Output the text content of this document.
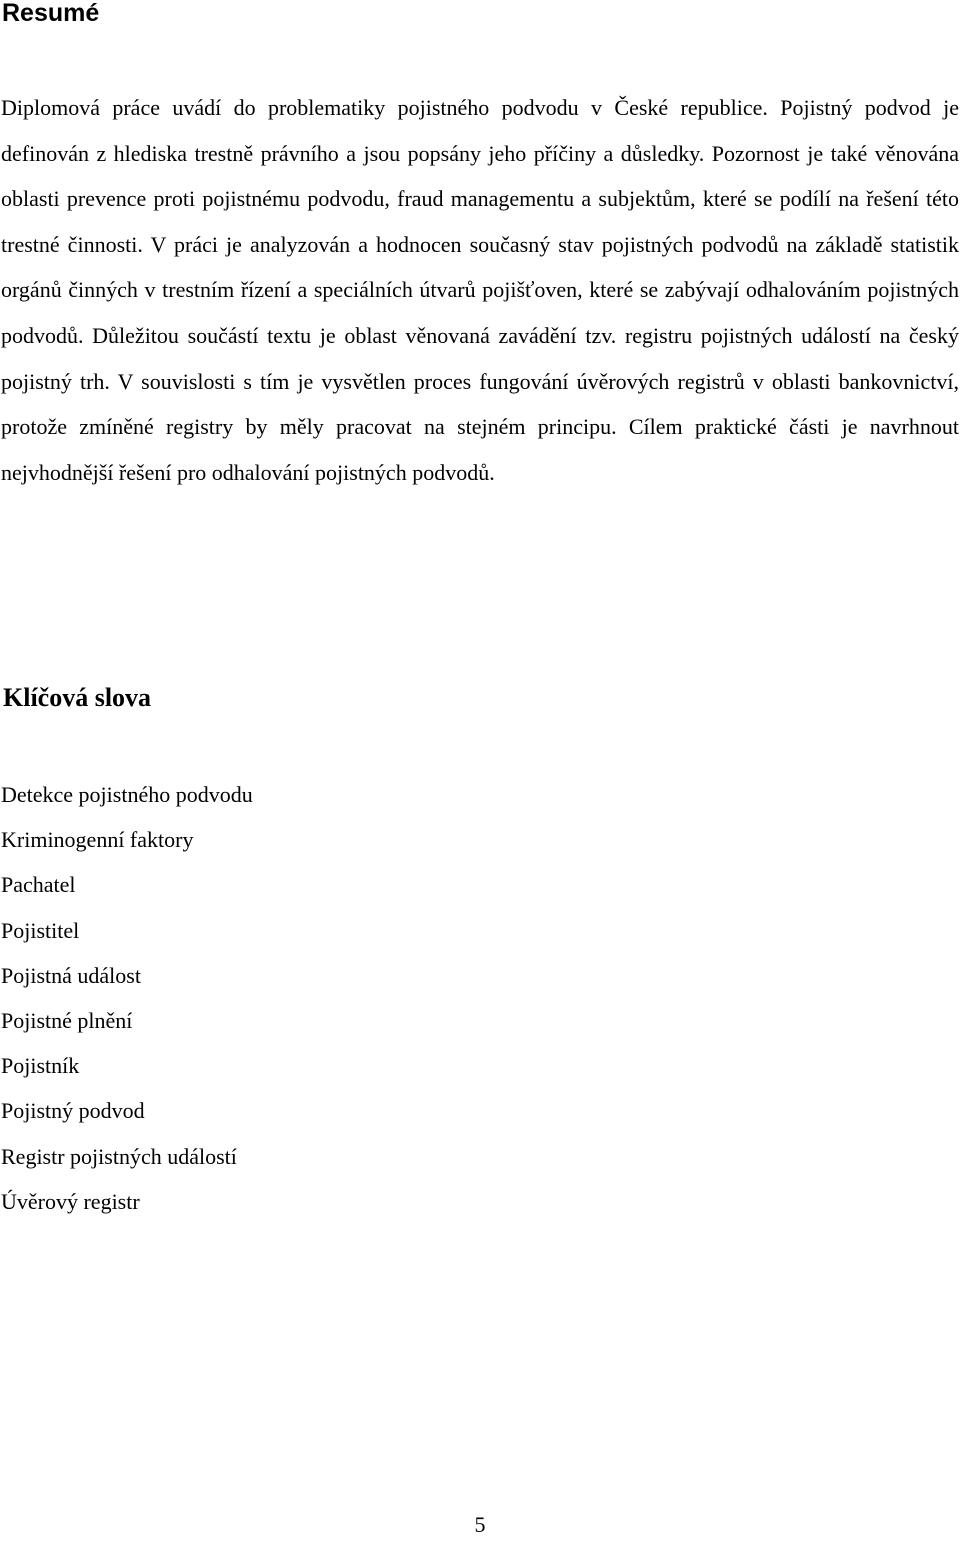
Resumé

Diplomová práce uvádí do problematiky pojistného podvodu v České republice. Pojistný podvod je definován z hlediska trestně právního a jsou popsány jeho příčiny a důsledky. Pozornost je také věnována oblasti prevence proti pojistnému podvodu, fraud managementu a subjektům, které se podílí na řešení této trestné činnosti. V práci je analyzován a hodnocen současný stav pojistných podvodů na základě statistik orgánů činných v trestním řízení a speciálních útvarů pojišťoven, které se zabývají odhalováním pojistných podvodů. Důležitou součástí textu je oblast věnovaná zavádění tzv. registru pojistných událostí na český pojistný trh. V souvislosti s tím je vysvětlen proces fungování úvěrových registrů v oblasti bankovnictví, protože zmíněné registry by měly pracovat na stejném principu. Cílem praktické části je navrhnout nejvhodnější řešení pro odhalování pojistných podvodů.

Klíčová slova
Detekce pojistného podvodu
Kriminogenní faktory
Pachatel
Pojistitel
Pojistná událost
Pojistné plnění
Pojistník
Pojistný podvod
Registr pojistných událostí
Úvěrový registr
5
